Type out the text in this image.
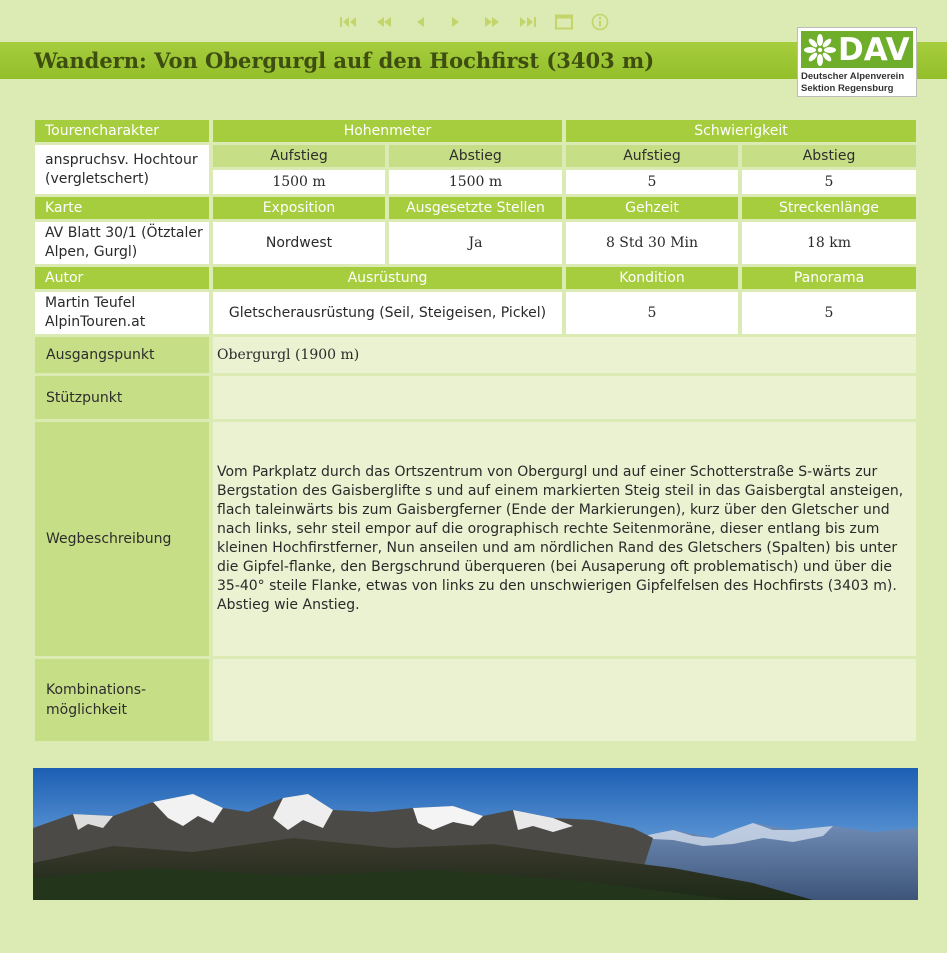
Wandern: Von Obergurgl auf den Hochfirst (3403 m)	DAV
Deutscher Alpenverein
Sektion Regensburg
Tourencharakter	Hohenmeter		Schwierigkeit	
anspruchsv. Hochtour (vergletschert)	Aufstieg	Abstieg	Aufstieg	Abstieg
	1500 m	1500 m	5	5
Karte	Exposition	Ausgesetzte Stellen	Gehzeit	Streckenlänge
AV Blatt 30/1 (Ötztaler Alpen, Gurgl)	Nordwest	Ja	8 Std 30 Min	18 km
Autor	Ausrüstung		Kondition	Panorama

Martin Teufel
AlpinTouren.at	Gletscherausrüstung (Seil, Steigeisen, Pickel)		5	5
Ausgangspunkt	Obergurgl (1900 m)			
Stützpunkt				
Wegbeschreibung	Vom Parkplatz durch das Ortszentrum von Obergurgl und auf einer Schotterstraße S-wärts zur Bergstation des Gaisberglifte s und auf einem markierten Steig steil in das Gaisbergtal ansteigen, flach taleinwärts bis zum Gaisbergferner (Ende der Markierungen), kurz über den Gletscher und nach links, sehr steil empor auf die orographisch rechte Seitenmoräne, dieser entlang bis zum kleinen Hochfirstferner, Nun anseilen und am nördlichen Rand des Gletschers (Spalten) bis unter die Gipfel-flanke, den Bergschrund überqueren (bei Ausaperung oft problematisch) und über die 35-40° steile Flanke, etwas von links zu den unschwierigen Gipfelfelsen des Hochfirsts (3403 m).
Abstieg wie Anstieg.			

Kombinations-
möglichkeit				
